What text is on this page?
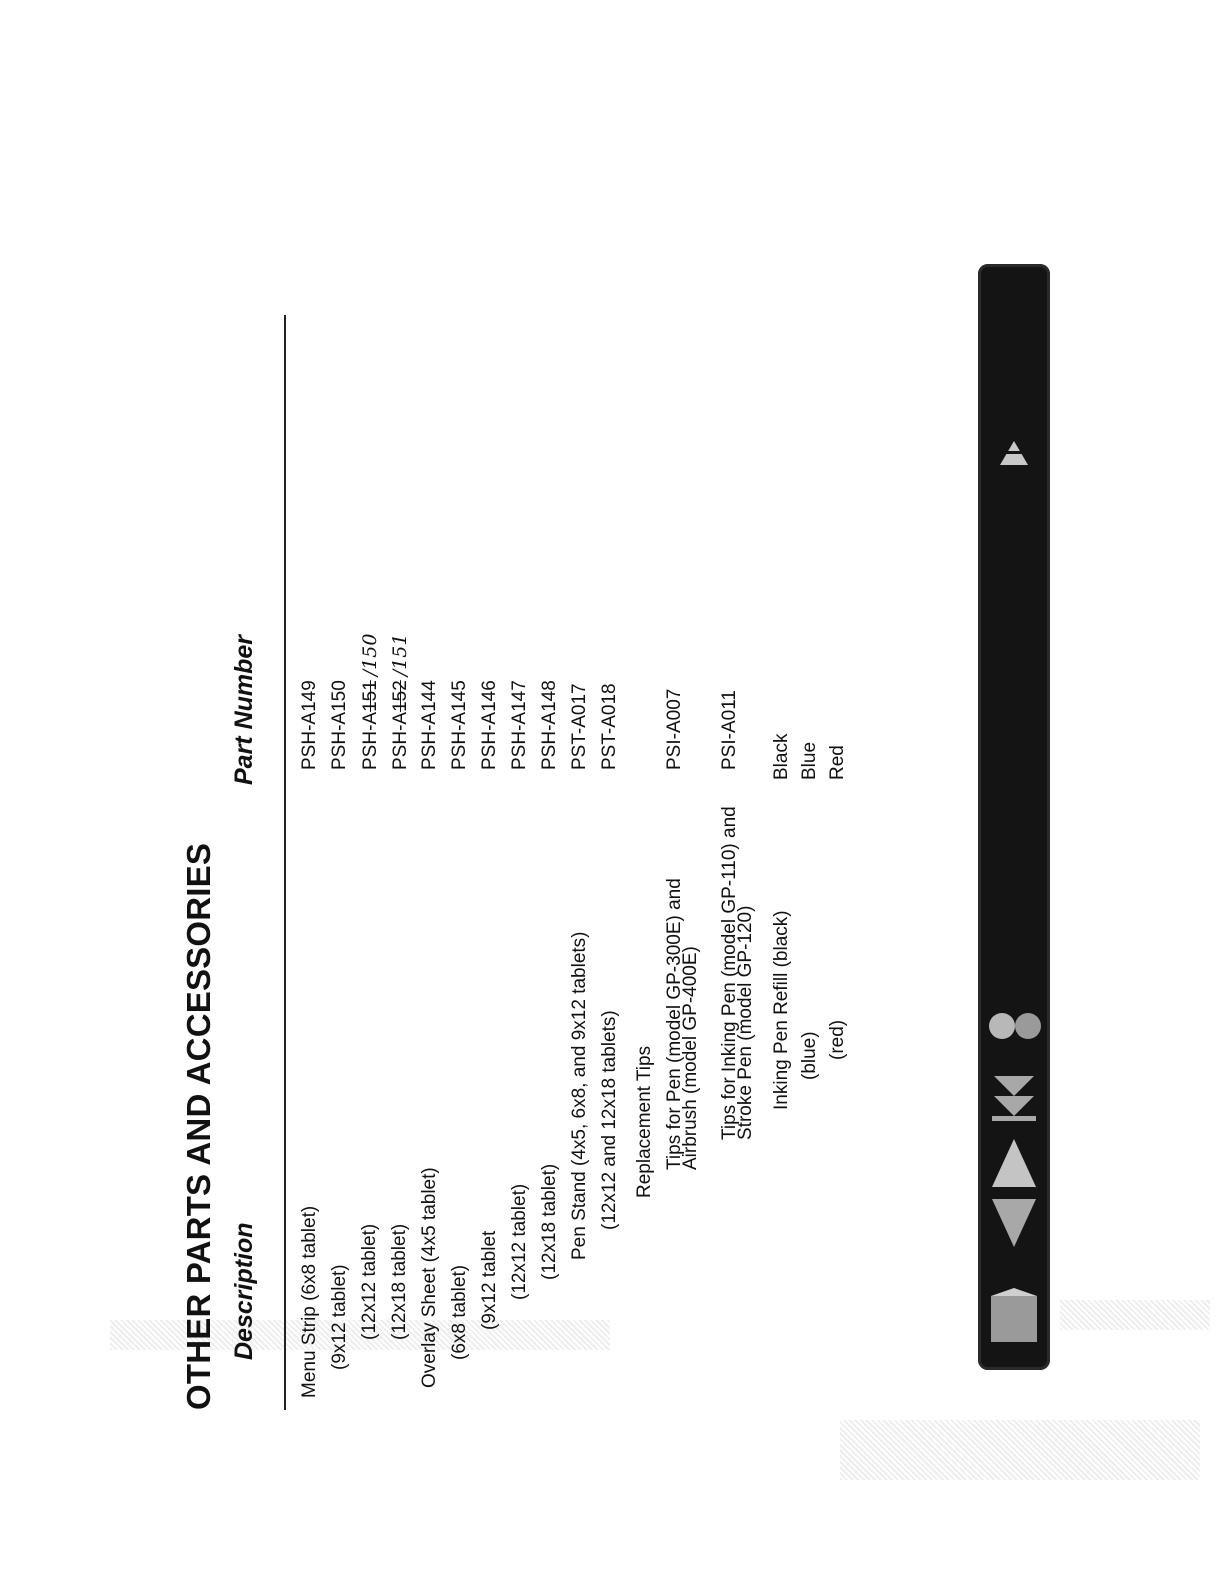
OTHER PARTS AND ACCESSORIES Description
Part Number
Menu Strip (6x8 tablet)
PSH-A149
(9x12 tablet)
PSH-A150
(12x12 tablet)
PSH-A151/150
(12x18 tablet)
PSH-A152/151
Overlay Sheet (4x5 tablet)
PSH-A144
(6x8 tablet)
PSH-A145
(9x12 tablet
PSH-A146
(12x12 tablet)
PSH-A147
(12x18 tablet)
PSH-A148
Pen Stand (4x5, 6x8, and 9x12 tablets)
PST-A017
(12x12 and 12x18 tablets)
PST-A018
Replacement Tips Tips for Pen (model GP-300E) and
Airbrush (model GP-400E)
PSI-A007
Tips for Inking Pen (model GP-110) and
Stroke Pen (model GP-120)
PSI-A011
Inking Pen Refill (black)
Black
(blue)
Blue
(red)
Red
